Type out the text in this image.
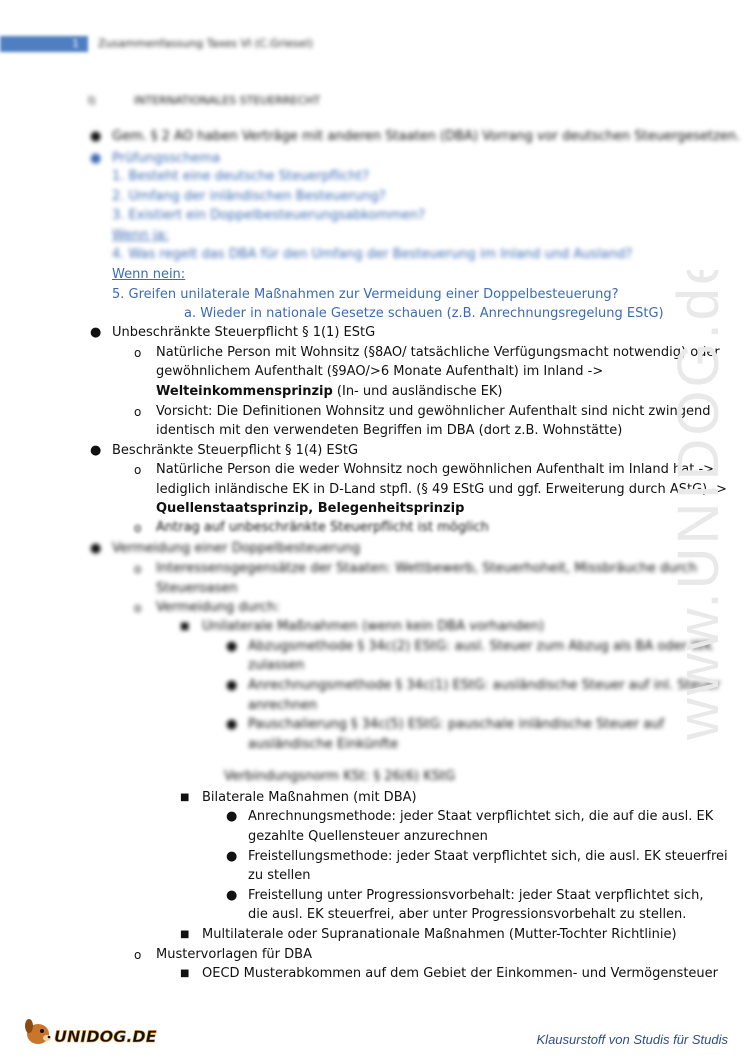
1 Zusammenfassung Taxes VI (C.Griesel)
I)	INTERNATIONALES STEUERRECHT
● Gem. § 2 AO haben Verträge mit anderen Staaten (DBA) Vorrang vor deutschen Steuergesetzen.
● Prüfungsschema
1. Besteht eine deutsche Steuerpflicht?
2. Umfang der inländischen Besteuerung?
3. Existiert ein Doppelbesteuerungsabkommen?
Wenn ja:
4. Was regelt das DBA für den Umfang der Besteuerung im Inland und Ausland?
Wenn nein:
5. Greifen unilaterale Maßnahmen zur Vermeidung einer Doppelbesteuerung?
a. Wieder in nationale Gesetze schauen (z.B. Anrechnungsregelung EStG)
● Unbeschränkte Steuerpflicht § 1(1) EStG
o Natürliche Person mit Wohnsitz (§8AO/ tatsächliche Verfügungsmacht notwendig) oder
gewöhnlichem Aufenthalt (§9AO/>6 Monate Aufenthalt) im Inland ->
Welteinkommensprinzip (In- und ausländische EK)
o Vorsicht: Die Definitionen Wohnsitz und gewöhnlicher Aufenthalt sind nicht zwingend
identisch mit den verwendeten Begriffen im DBA (dort z.B. Wohnstätte)
● Beschränkte Steuerpflicht § 1(4) EStG
o Natürliche Person die weder Wohnsitz noch gewöhnlichen Aufenthalt im Inland hat ->
lediglich inländische EK in D-Land stpfl. (§ 49 EStG und ggf. Erweiterung durch AStG) ->
Quellenstaatsprinzip, Belegenheitsprinzip
o Antrag auf unbeschränkte Steuerpflicht ist möglich
● Vermeidung einer Doppelbesteuerung
o Interessensgegensätze der Staaten: Wettbewerb, Steuerhoheit, Missbräuche durch
Steueroasen
o Vermeidung durch:
■ Unilaterale Maßnahmen (wenn kein DBA vorhanden)
● Abzugsmethode § 34c(2) EStG: ausl. Steuer zum Abzug als BA oder WK
zulassen
● Anrechnungsmethode § 34c(1) EStG: ausländische Steuer auf inl. Steuer
anrechnen
● Pauschalierung § 34c(5) EStG: pauschale inländische Steuer auf
ausländische Einkünfte
Verbindungsnorm KSt: § 26(6) KStG
■ Bilaterale Maßnahmen (mit DBA)
● Anrechnungsmethode: jeder Staat verpflichtet sich, die auf die ausl. EK
gezahlte Quellensteuer anzurechnen
● Freistellungsmethode: jeder Staat verpflichtet sich, die ausl. EK steuerfrei
zu stellen
● Freistellung unter Progressionsvorbehalt: jeder Staat verpflichtet sich,
die ausl. EK steuerfrei, aber unter Progressionsvorbehalt zu stellen.
■ Multilaterale oder Supranationale Maßnahmen (Mutter-Tochter Richtlinie)
o Mustervorlagen für DBA
■ OECD Musterabkommen auf dem Gebiet der Einkommen- und Vermögensteuer
www.UNIDOG.de
UNIDOG.DE	Klausurstoff von Studis für Studis
